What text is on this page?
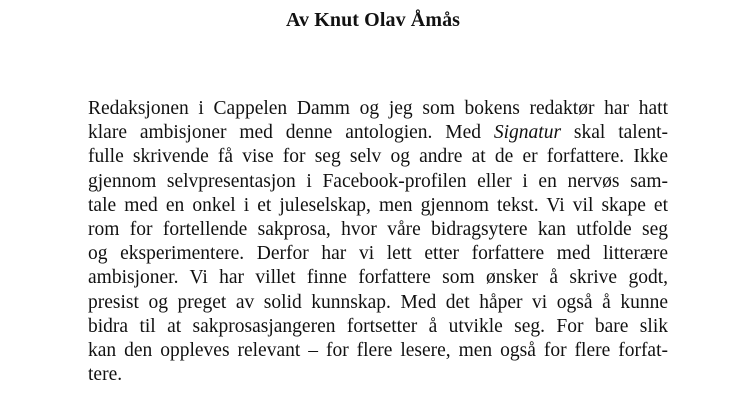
Av Knut Olav Åmås
Redaksjonen i Cappelen Damm og jeg som bokens redaktør har hatt
klare ambisjoner med denne antologien. Med Signatur skal talent-
fulle skrivende få vise for seg selv og andre at de er forfattere. Ikke
gjennom selvpresentasjon i Facebook-profilen eller i en nervøs sam-
tale med en onkel i et juleselskap, men gjennom tekst. Vi vil skape et
rom for fortellende sakprosa, hvor våre bidragsytere kan utfolde seg
og eksperimentere. Derfor har vi lett etter forfattere med litterære
ambisjoner. Vi har villet finne forfattere som ønsker å skrive godt,
presist og preget av solid kunnskap. Med det håper vi også å kunne
bidra til at sakprosasjangeren fortsetter å utvikle seg. For bare slik
kan den oppleves relevant – for flere lesere, men også for flere forfat-
tere.
